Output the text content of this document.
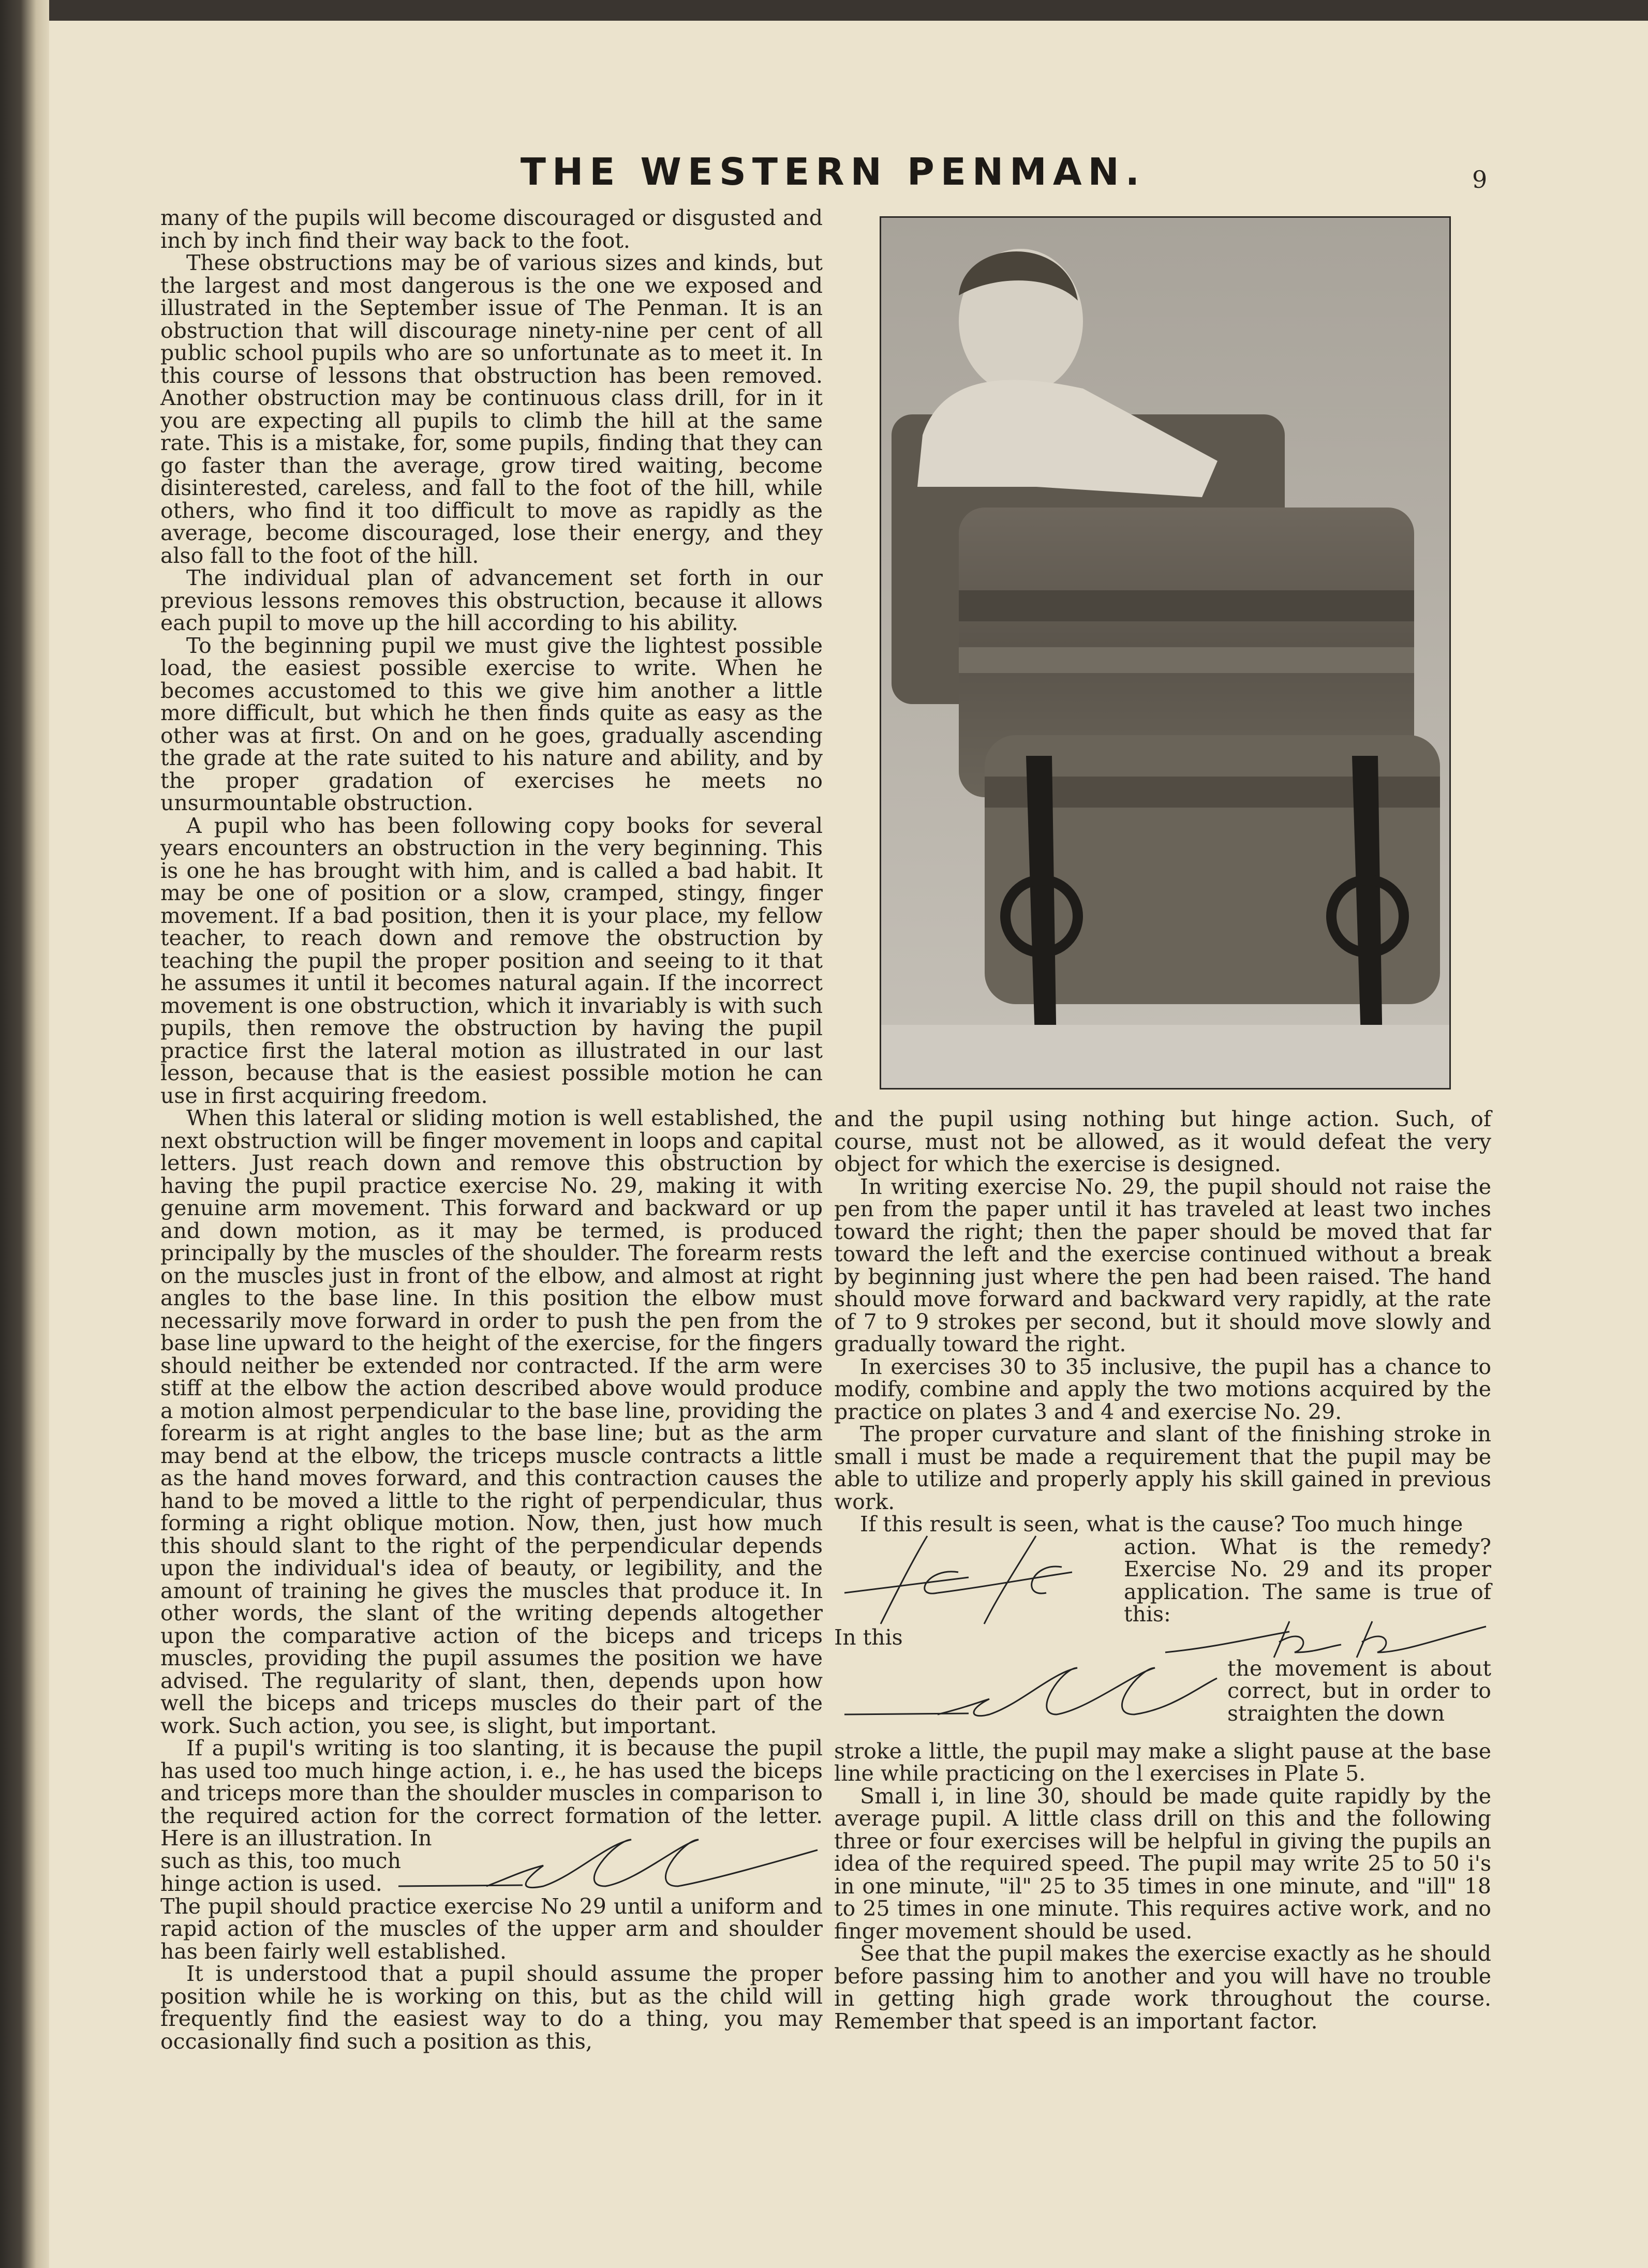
THE WESTERN PENMAN.	9

many of the pupils will become discouraged or disgusted and inch by inch find their way back to the foot.

These obstructions may be of various sizes and kinds, but the largest and most dangerous is the one we exposed and illustrated in the September issue of The Penman. It is an obstruction that will discourage ninety-nine per cent of all public school pupils who are so unfortunate as to meet it. In this course of lessons that obstruction has been removed. Another obstruction may be continuous class drill, for in it you are expecting all pupils to climb the hill at the same rate. This is a mistake, for, some pupils, finding that they can go faster than the average, grow tired waiting, become disinterested, careless, and fall to the foot of the hill, while others, who find it too difficult to move as rapidly as the average, become discouraged, lose their energy, and they also fall to the foot of the hill.

The individual plan of advancement set forth in our previous lessons removes this obstruction, because it allows each pupil to move up the hill according to his ability.

To the beginning pupil we must give the lightest possible load, the easiest possible exercise to write. When he becomes accustomed to this we give him another a little more difficult, but which he then finds quite as easy as the other was at first. On and on he goes, gradually ascending the grade at the rate suited to his nature and ability, and by the proper gradation of exercises he meets no unsurmountable obstruction.

A pupil who has been following copy books for several years encounters an obstruction in the very beginning. This is one he has brought with him, and is called a bad habit. It may be one of position or a slow, cramped, stingy, finger movement. If a bad position, then it is your place, my fellow teacher, to reach down and remove the obstruction by teaching the pupil the proper position and seeing to it that he assumes it until it becomes natural again. If the incorrect movement is one obstruction, which it invariably is with such pupils, then remove the obstruction by having the pupil practice first the lateral motion as illustrated in our last lesson, because that is the easiest possible motion he can use in first acquiring freedom.

When this lateral or sliding motion is well established, the next obstruction will be finger movement in loops and capital letters. Just reach down and remove this obstruction by having the pupil practice exercise No. 29, making it with genuine arm movement. This forward and backward or up and down motion, as it may be termed, is produced principally by the muscles of the shoulder. The forearm rests on the muscles just in front of the elbow, and almost at right angles to the base line. In this position the elbow must necessarily move forward in order to push the pen from the base line upward to the height of the exercise, for the fingers should neither be extended nor contracted. If the arm were stiff at the elbow the action described above would produce a motion almost perpendicular to the base line, providing the forearm is at right angles to the base line; but as the arm may bend at the elbow, the triceps muscle contracts a little as the hand moves forward, and this contraction causes the hand to be moved a little to the right of perpendicular, thus forming a right oblique motion. Now, then, just how much this should slant to the right of the perpendicular depends upon the individual's idea of beauty, or legibility, and the amount of training he gives the muscles that produce it. In other words, the slant of the writing depends altogether upon the comparative action of the biceps and triceps muscles, providing the pupil assumes the position we have advised. The regularity of slant, then, depends upon how well the biceps and triceps muscles do their part of the work. Such action, you see, is slight, but important.

If a pupil's writing is too slanting, it is because the pupil has used too much hinge action, i. e., he has used the biceps and triceps more than the shoulder muscles in comparison to the required action for the correct formation of the letter. Here is an illustration. In

such as this, too much

hinge action is used.

The pupil should practice exercise No 29 until a uniform and rapid action of the muscles of the upper arm and shoulder has been fairly well established.

It is understood that a pupil should assume the proper position while he is working on this, but as the child will frequently find the easiest way to do a thing, you may occasionally find such a position as this,

and the pupil using nothing but hinge action. Such, of course, must not be allowed, as it would defeat the very object for which the exercise is designed.

In writing exercise No. 29, the pupil should not raise the pen from the paper until it has traveled at least two inches toward the right; then the paper should be moved that far toward the left and the exercise continued without a break by beginning just where the pen had been raised. The hand should move forward and backward very rapidly, at the rate of 7 to 9 strokes per second, but it should move slowly and gradually toward the right.

In exercises 30 to 35 inclusive, the pupil has a chance to modify, combine and apply the two motions acquired by the practice on plates 3 and 4 and exercise No. 29.

The proper curvature and slant of the finishing stroke in small i must be made a requirement that the pupil may be able to utilize and properly apply his skill gained in previous work.

If this result is seen, what is the cause? Too much hinge

action. What is the remedy? Exercise No. 29 and its proper application. The same is true of this:

In this

the movement is about correct, but in order to straighten the down

stroke a little, the pupil may make a slight pause at the base line while practicing on the l exercises in Plate 5.

Small i, in line 30, should be made quite rapidly by the average pupil. A little class drill on this and the following three or four exercises will be helpful in giving the pupils an idea of the required speed. The pupil may write 25 to 50 i's in one minute, "il" 25 to 35 times in one minute, and "ill" 18 to 25 times in one minute. This requires active work, and no finger movement should be used.

See that the pupil makes the exercise exactly as he should before passing him to another and you will have no trouble in getting high grade work throughout the course. Remember that speed is an important factor.
